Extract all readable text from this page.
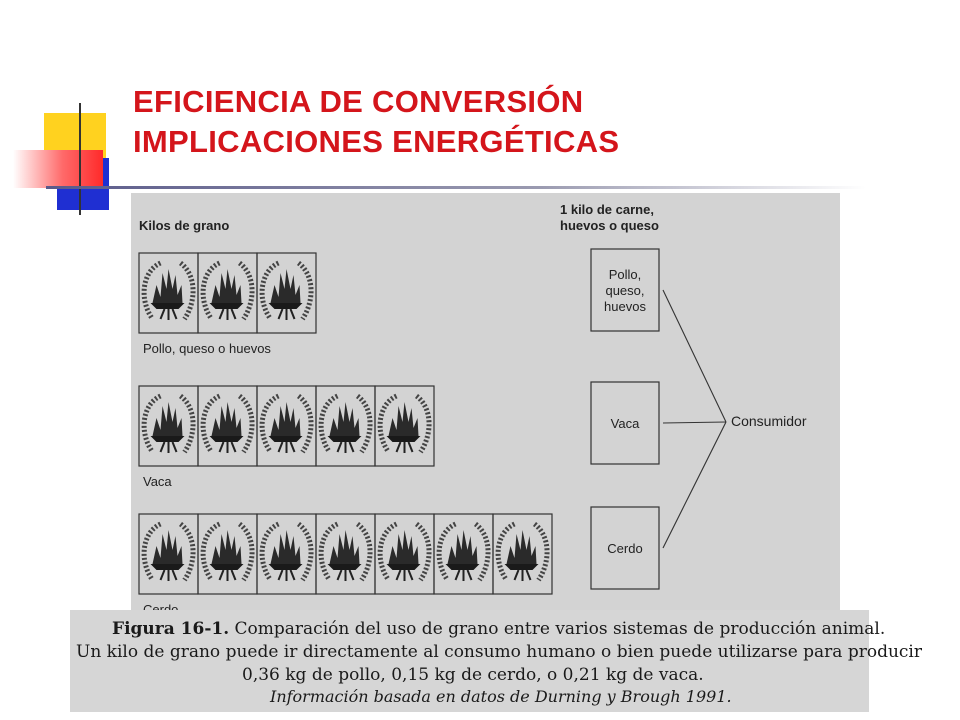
EFICIENCIA DE CONVERSIÓN
IMPLICACIONES ENERGÉTICAS
Kilos de grano
1 kilo de carne,
huevos o queso
Pollo, queso o huevos
Pollo,
queso,
huevos
Vaca
Vaca
Cerdo
Consumidor
Figura 16-1. Comparación del uso de grano entre varios sistemas de producción animal.
Un kilo de grano puede ir directamente al consumo humano o bien puede utilizarse para producir
0,36 kg de pollo, 0,15 kg de cerdo, o 0,21 kg de vaca.
Información basada en datos de Durning y Brough 1991.
